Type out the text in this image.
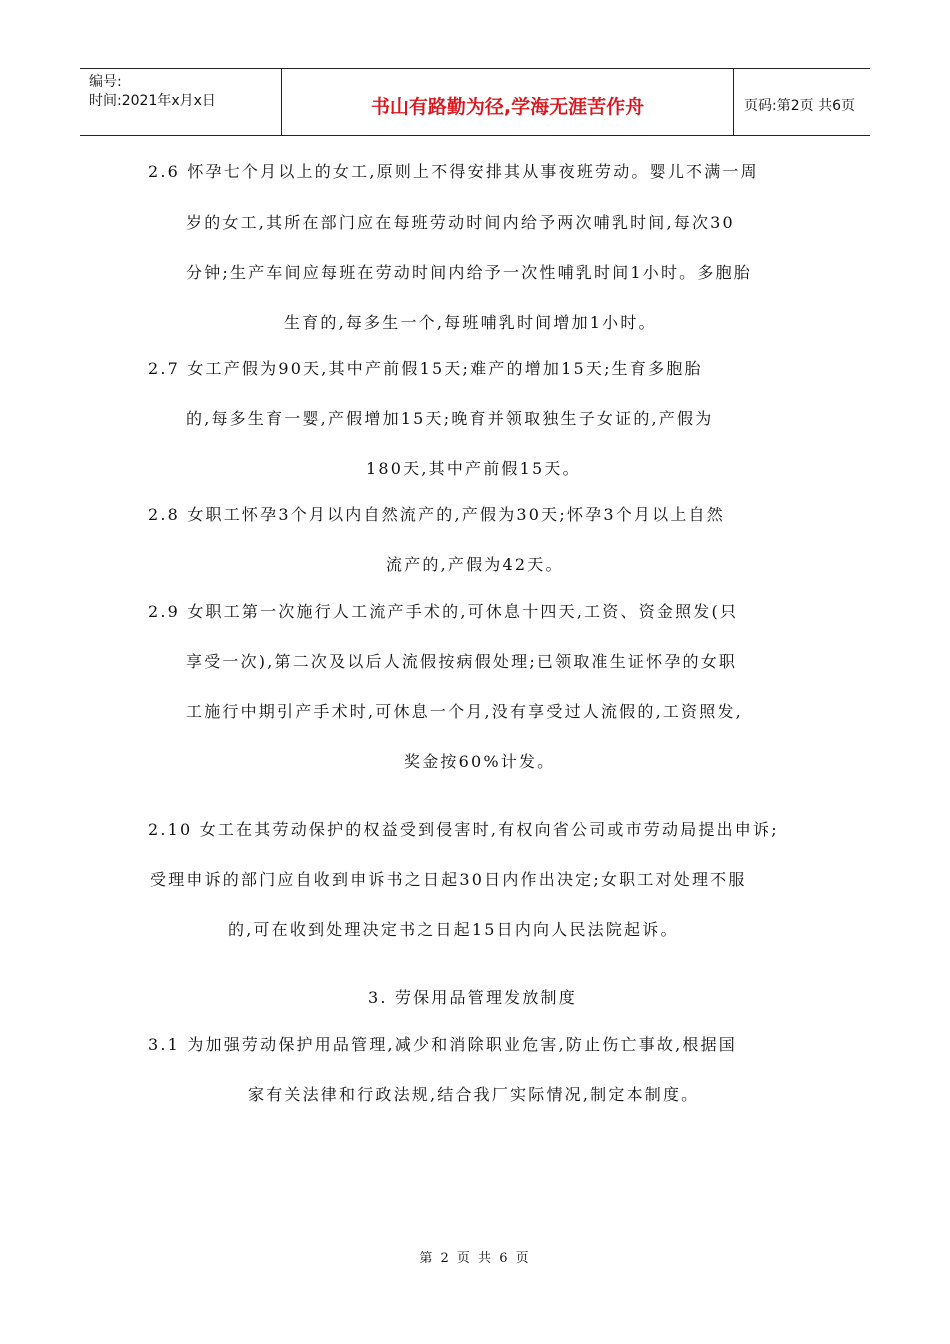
编号:
时间:2021年x月x日	书山有路勤为径,学海无涯苦作舟	页码:第2页 共6页
2.6 怀孕七个月以上的女工,原则上不得安排其从事夜班劳动。婴儿不满一周
岁的女工,其所在部门应在每班劳动时间内给予两次哺乳时间,每次30
分钟;生产车间应每班在劳动时间内给予一次性哺乳时间1小时。多胞胎
生育的,每多生一个,每班哺乳时间增加1小时。
2.7 女工产假为90天,其中产前假15天;难产的增加15天;生育多胞胎
的,每多生育一婴,产假增加15天;晚育并领取独生子女证的,产假为
180天,其中产前假15天。
2.8 女职工怀孕3个月以内自然流产的,产假为30天;怀孕3个月以上自然
流产的,产假为42天。
2.9 女职工第一次施行人工流产手术的,可休息十四天,工资、资金照发(只
享受一次),第二次及以后人流假按病假处理;已领取准生证怀孕的女职
工施行中期引产手术时,可休息一个月,没有享受过人流假的,工资照发,
奖金按60%计发。
2.10 女工在其劳动保护的权益受到侵害时,有权向省公司或市劳动局提出申诉;
受理申诉的部门应自收到申诉书之日起30日内作出决定;女职工对处理不服
的,可在收到处理决定书之日起15日内向人民法院起诉。
3. 劳保用品管理发放制度
3.1 为加强劳动保护用品管理,减少和消除职业危害,防止伤亡事故,根据国
家有关法律和行政法规,结合我厂实际情况,制定本制度。
第 2 页 共 6 页
